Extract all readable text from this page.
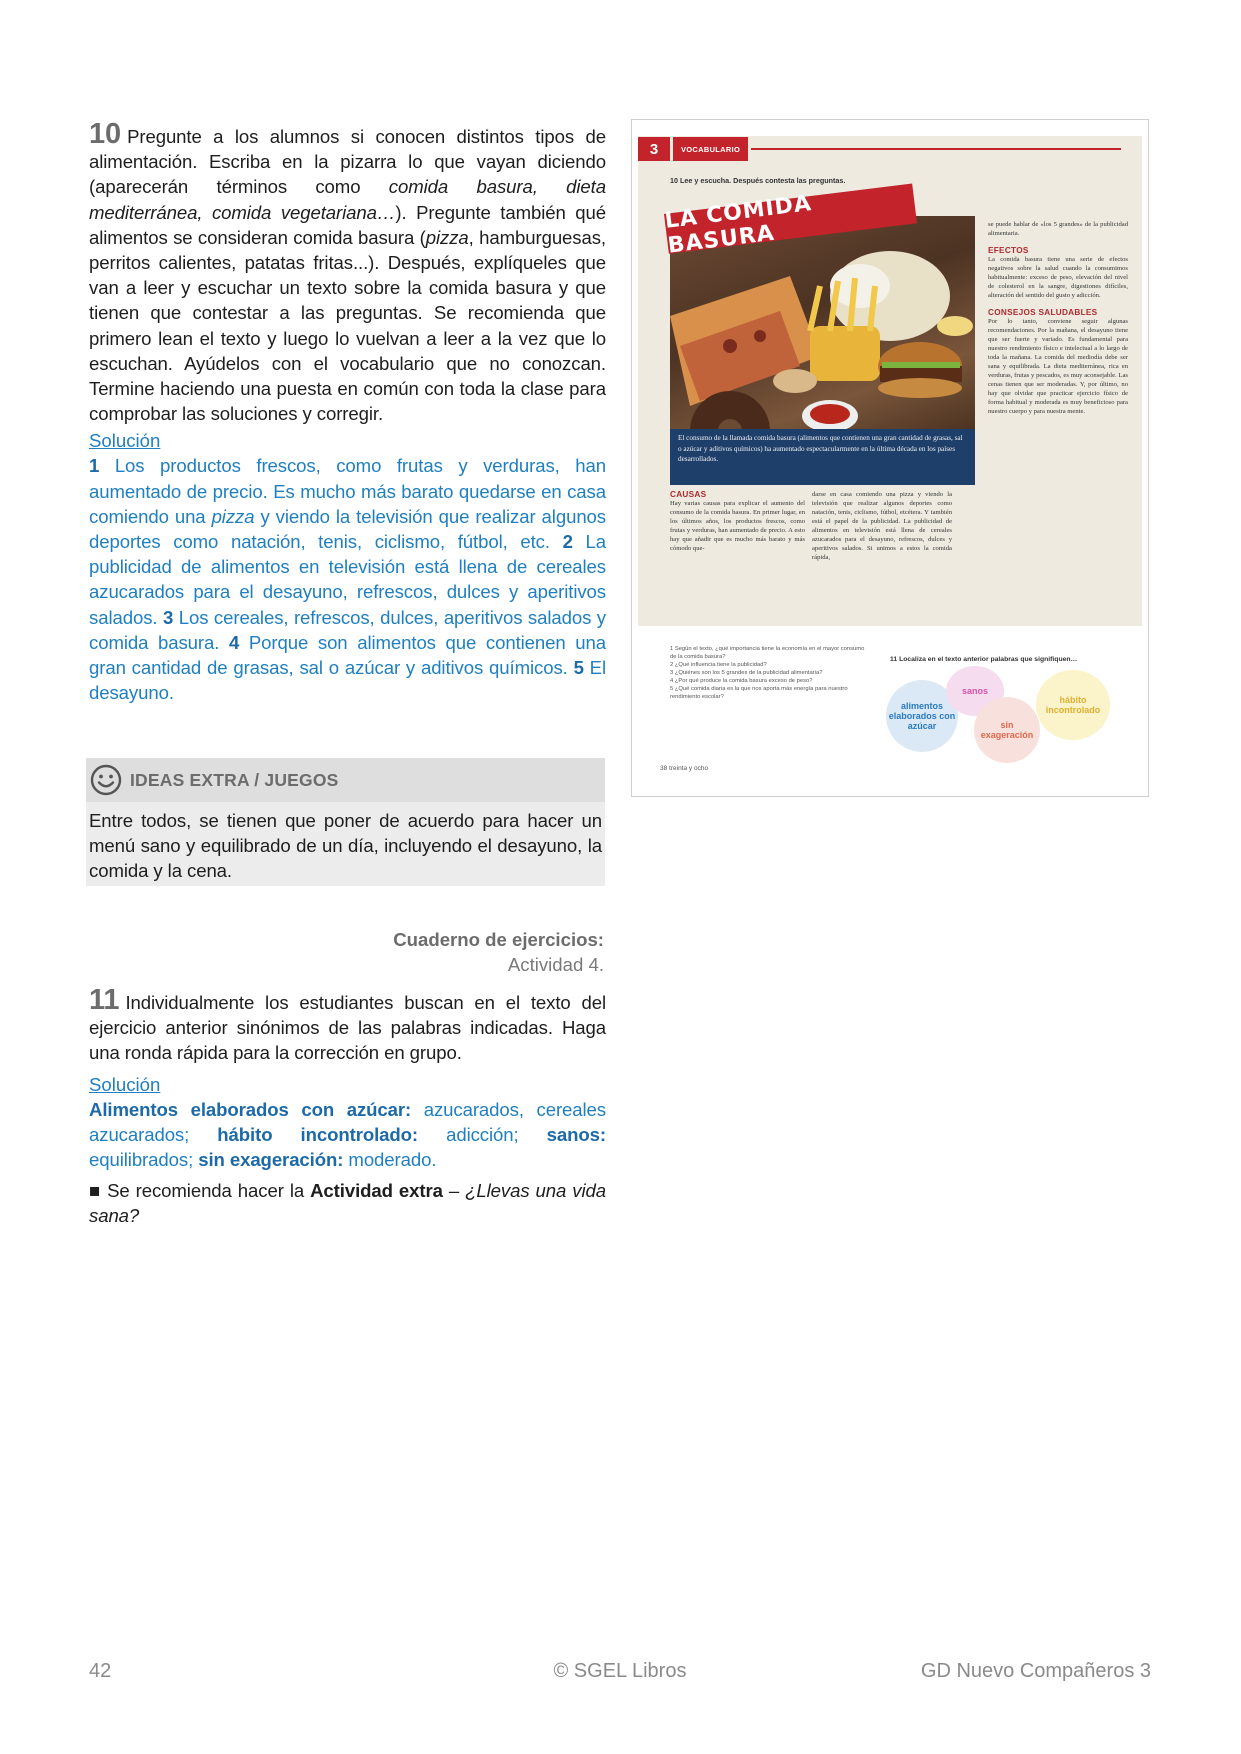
10 Pregunte a los alumnos si conocen distintos tipos de alimentación. Escriba en la pizarra lo que vayan diciendo (aparecerán términos como comida basura, dieta mediterránea, comida vegetariana…). Pregunte también qué alimentos se consideran comida basura (pizza, hamburguesas, perritos calientes, patatas fritas...). Después, explíqueles que van a leer y escuchar un texto sobre la comida basura y que tienen que contestar a las preguntas. Se recomienda que primero lean el texto y luego lo vuelvan a leer a la vez que lo escuchan. Ayúdelos con el vocabulario que no conozcan. Termine haciendo una puesta en común con toda la clase para comprobar las soluciones y corregir.

Solución

1 Los productos frescos, como frutas y verduras, han aumentado de precio. Es mucho más barato quedarse en casa comiendo una pizza y viendo la televisión que realizar algunos deportes como natación, tenis, ciclismo, fútbol, etc. 2 La publicidad de alimentos en televisión está llena de cereales azucarados para el desayuno, refrescos, dulces y aperitivos salados. 3 Los cereales, refrescos, dulces, aperitivos salados y comida basura. 4 Porque son alimentos que contienen una gran cantidad de grasas, sal o azúcar y aditivos químicos. 5 El desayuno.

IDEAS EXTRA / JUEGOS

Entre todos, se tienen que poner de acuerdo para hacer un menú sano y equilibrado de un día, incluyendo el desayuno, la comida y la cena.

Cuaderno de ejercicios:
Actividad 4.

11 Individualmente los estudiantes buscan en el texto del ejercicio anterior sinónimos de las palabras indicadas. Haga una ronda rápida para la corrección en grupo.

Solución

Alimentos elaborados con azúcar: azucarados, cereales azucarados; hábito incontrolado: adicción; sanos: equilibrados; sin exageración: moderado.

■ Se recomienda hacer la Actividad extra – ¿Llevas una vida sana?

3	VOCABULARIO
10 Lee y escucha. Después contesta las preguntas.
LA COMIDA BASURA
El consumo de la llamada comida basura (alimentos que contienen una gran cantidad de grasas, sal o azúcar y aditivos químicos) ha aumentado espectacularmente en la última década en los países desarrollados.
CAUSAS
Hay varias causas para explicar el aumento del consumo de la comida basura. En primer lugar, en los últimos años, los productos frescos, como frutas y verduras, han aumentado de precio. A esto hay que añadir que es mucho más barato y más cómodo que-
darse en casa comiendo una pizza y viendo la televisión que realizar algunos deportes como natación, tenis, ciclismo, fútbol, etcétera. Y también está el papel de la publicidad. La publicidad de alimentos en televisión está llena de cereales azucarados para el desayuno, refrescos, dulces y aperitivos salados. Si unimos a estos la comida rápida,
se puede hablar de «los 5 grandes» de la publicidad alimentaria.
EFECTOS
La comida basura tiene una serie de efectos negativos sobre la salud cuando la consumimos habitualmente: exceso de peso, elevación del nivel de colesterol en la sangre, digestiones difíciles, alteración del sentido del gusto y adicción.
CONSEJOS SALUDABLES
Por lo tanto, conviene seguir algunas recomendaciones. Por la mañana, el desayuno tiene que ser fuerte y variado. Es fundamental para nuestro rendimiento físico e intelectual a lo largo de toda la mañana. La comida del mediodía debe ser sana y equilibrada. La dieta mediterránea, rica en verduras, frutas y pescados, es muy aconsejable. Las cenas tienen que ser moderadas. Y, por último, no hay que olvidar que practicar ejercicio físico de forma habitual y moderada es muy beneficioso para nuestro cuerpo y para nuestra mente.
1 Según el texto, ¿qué importancia tiene la economía en el mayor consumo de la comida basura?
2 ¿Qué influencia tiene la publicidad?
3 ¿Quiénes son los 5 grandes de la publicidad alimentaria?
4 ¿Por qué produce la comida basura exceso de peso?
5 ¿Qué comida diaria es la que nos aporta más energía para nuestro rendimiento escolar?
11 Localiza en el texto anterior palabras que signifiquen…
alimentos elaborados con azúcar
sanos
sin exageración
hábito incontrolado
38 treinta y ocho
42	© SGEL Libros	GD Nuevo Compañeros 3
